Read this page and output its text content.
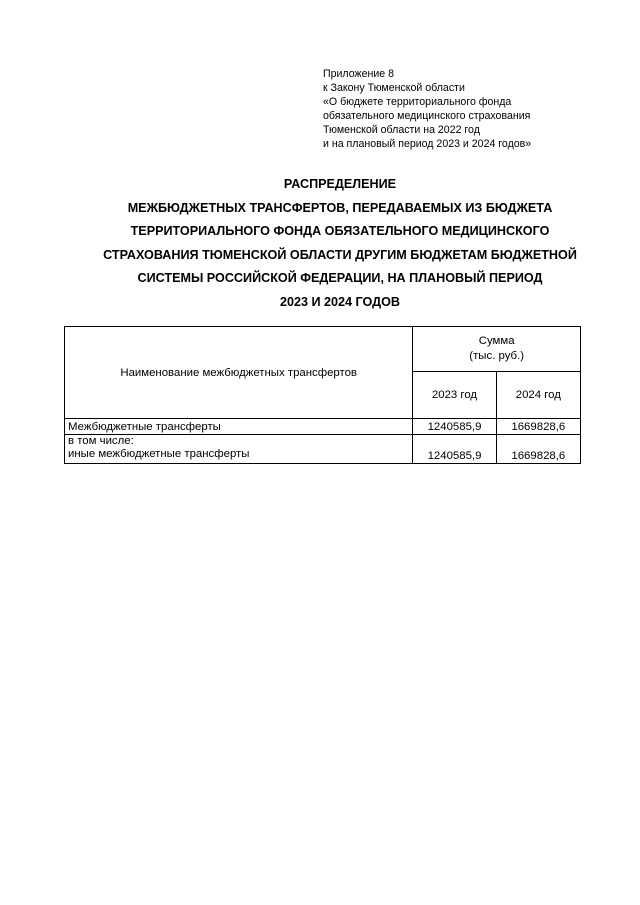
Приложение 8
к Закону Тюменской области
«О бюджете территориального фонда
обязательного медицинского страхования
Тюменской области на 2022 год
и на плановый период 2023 и 2024 годов»
РАСПРЕДЕЛЕНИЕ
МЕЖБЮДЖЕТНЫХ ТРАНСФЕРТОВ, ПЕРЕДАВАЕМЫХ ИЗ БЮДЖЕТА
ТЕРРИТОРИАЛЬНОГО ФОНДА ОБЯЗАТЕЛЬНОГО МЕДИЦИНСКОГО
СТРАХОВАНИЯ ТЮМЕНСКОЙ ОБЛАСТИ ДРУГИМ БЮДЖЕТАМ БЮДЖЕТНОЙ
СИСТЕМЫ РОССИЙСКОЙ ФЕДЕРАЦИИ, НА ПЛАНОВЫЙ ПЕРИОД
2023 И 2024 ГОДОВ
Наименование межбюджетных трансфертов	Сумма
(тыс. руб.)	

	2023 год	2024 год
Межбюджетные трансферты	1240585,9	1669828,6

в том числе:
иные межбюджетные трансферты	1240585,9	1669828,6
